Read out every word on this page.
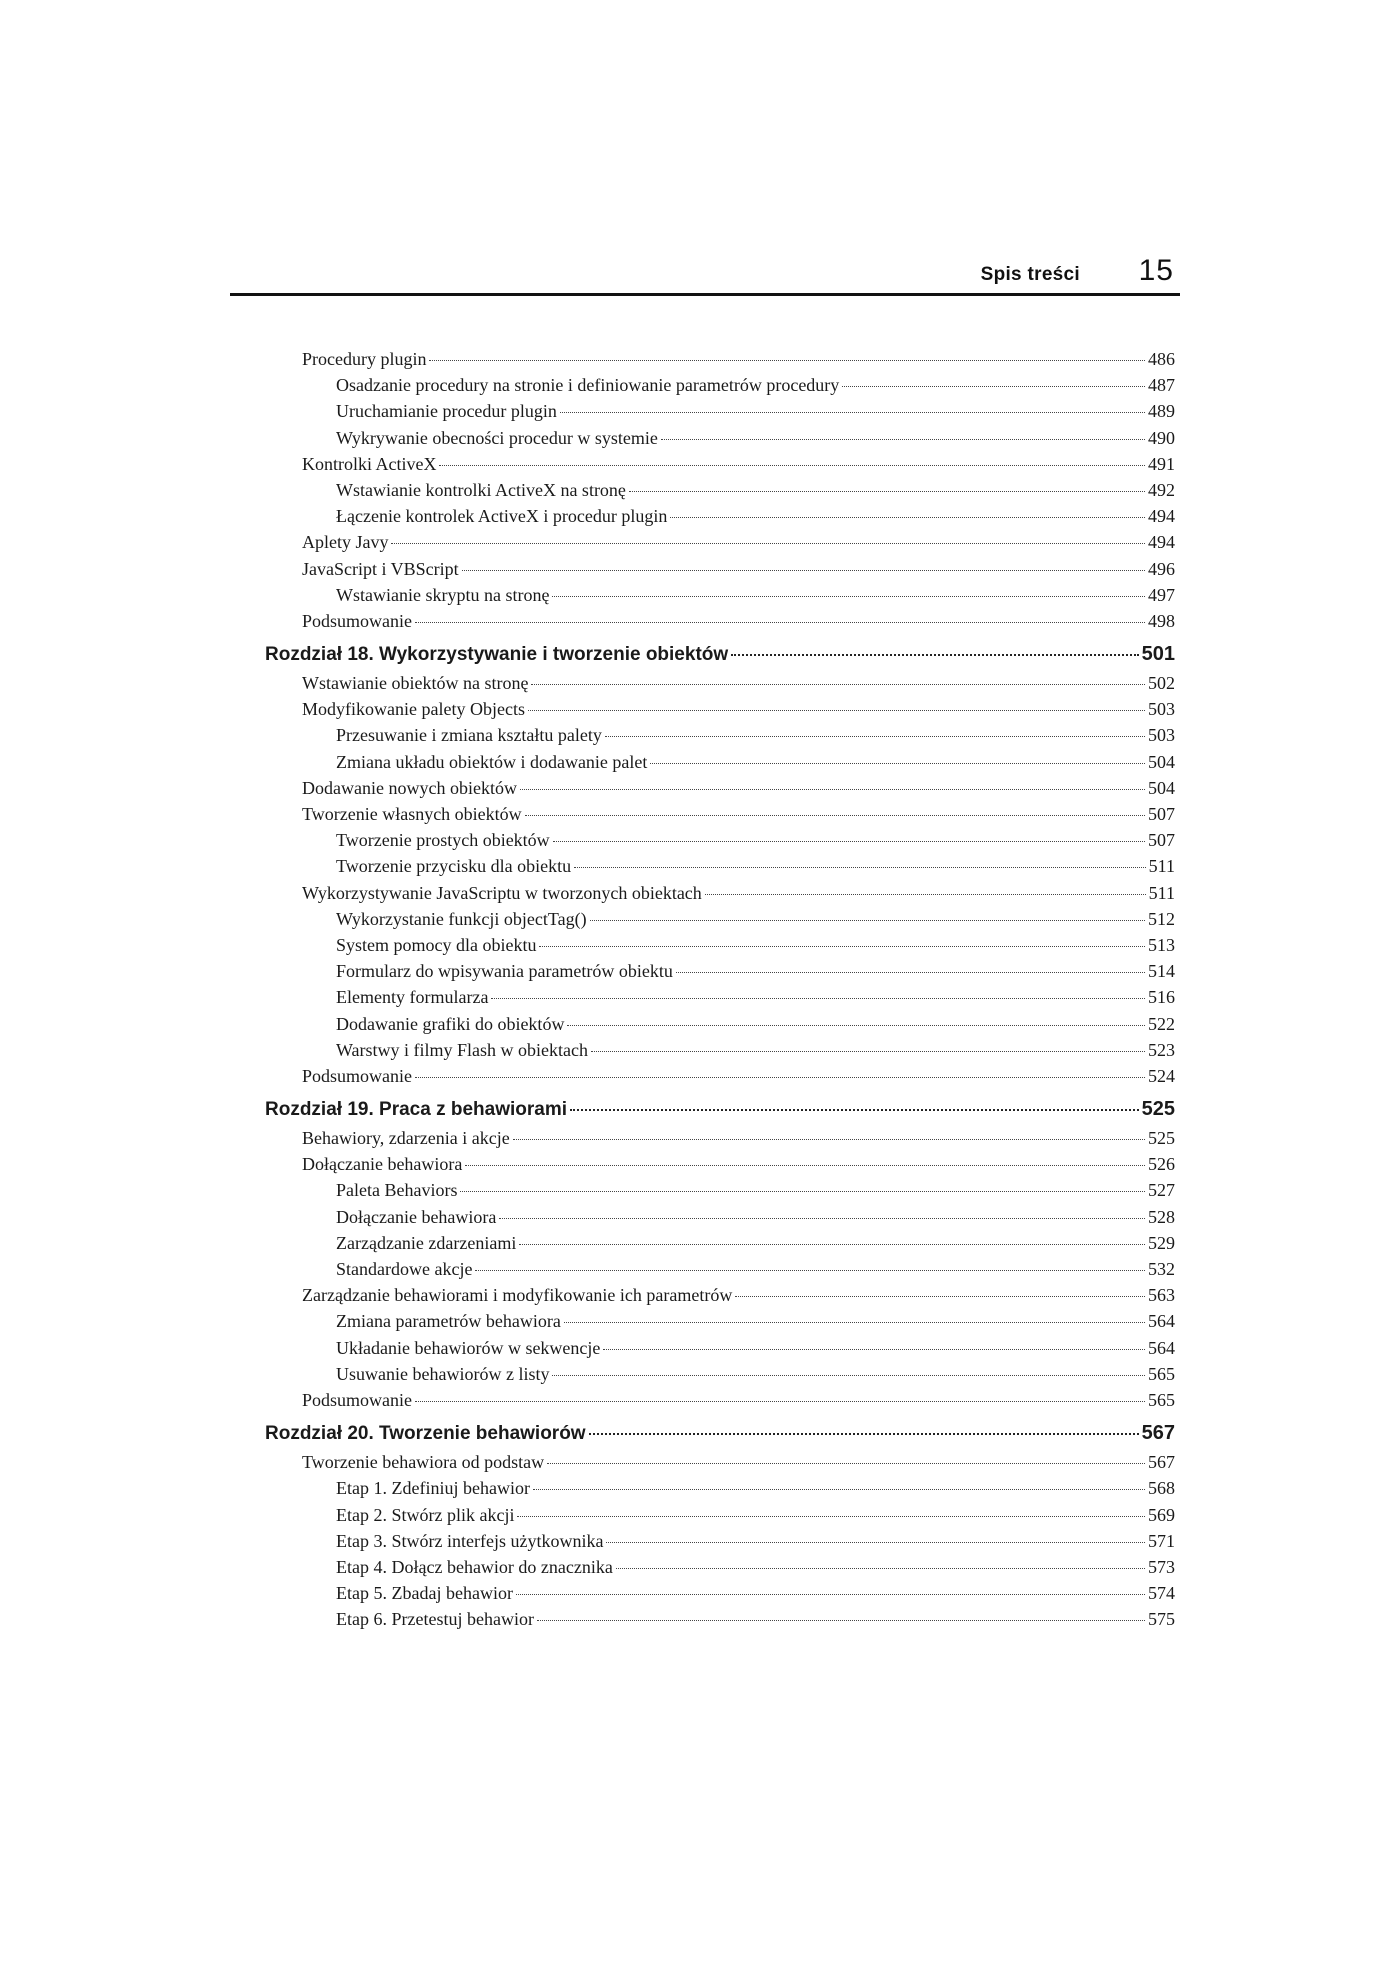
Spis treści 15
Procedury plugin	486
Osadzanie procedury na stronie i definiowanie parametrów procedury	487
Uruchamianie procedur plugin	489
Wykrywanie obecności procedur w systemie	490
Kontrolki ActiveX	491
Wstawianie kontrolki ActiveX na stronę	492
Łączenie kontrolek ActiveX i procedur plugin	494
Aplety Javy	494
JavaScript i VBScript	496
Wstawianie skryptu na stronę	497
Podsumowanie	498
Rozdział 18. Wykorzystywanie i tworzenie obiektów	501
Wstawianie obiektów na stronę	502
Modyfikowanie palety Objects	503
Przesuwanie i zmiana kształtu palety	503
Zmiana układu obiektów i dodawanie palet	504
Dodawanie nowych obiektów	504
Tworzenie własnych obiektów	507
Tworzenie prostych obiektów	507
Tworzenie przycisku dla obiektu	511
Wykorzystywanie JavaScriptu w tworzonych obiektach	511
Wykorzystanie funkcji objectTag()	512
System pomocy dla obiektu	513
Formularz do wpisywania parametrów obiektu	514
Elementy formularza	516
Dodawanie grafiki do obiektów	522
Warstwy i filmy Flash w obiektach	523
Podsumowanie	524
Rozdział 19. Praca z behawiorami	525
Behawiory, zdarzenia i akcje	525
Dołączanie behawiora	526
Paleta Behaviors	527
Dołączanie behawiora	528
Zarządzanie zdarzeniami	529
Standardowe akcje	532
Zarządzanie behawiorami i modyfikowanie ich parametrów	563
Zmiana parametrów behawiora	564
Układanie behawiorów w sekwencje	564
Usuwanie behawiorów z listy	565
Podsumowanie	565
Rozdział 20. Tworzenie behawiorów	567
Tworzenie behawiora od podstaw	567
Etap 1. Zdefiniuj behawior	568
Etap 2. Stwórz plik akcji	569
Etap 3. Stwórz interfejs użytkownika	571
Etap 4. Dołącz behawior do znacznika	573
Etap 5. Zbadaj behawior	574
Etap 6. Przetestuj behawior	575
